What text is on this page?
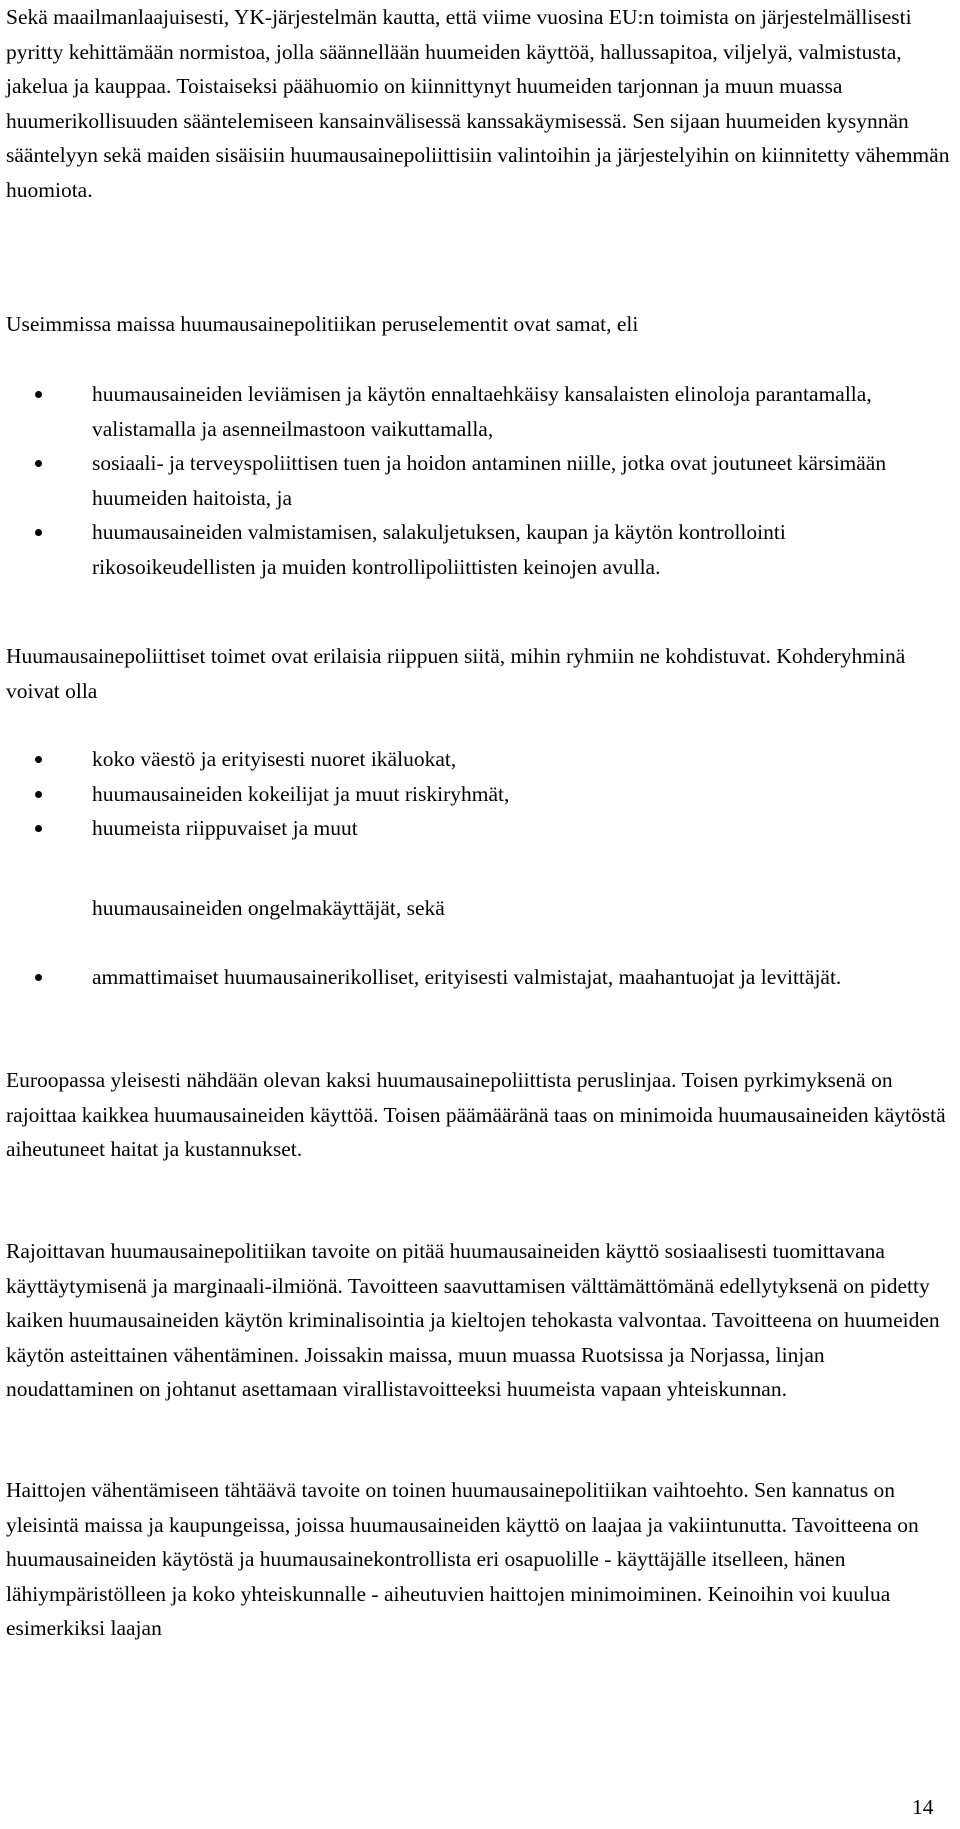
Sekä maailmanlaajuisesti, YK-järjestelmän kautta, että viime vuosina EU:n toimista on järjestelmällisesti pyritty kehittämään normistoa, jolla säännellään huumeiden käyttöä, hallussapitoa, viljelyä, valmistusta, jakelua ja kauppaa. Toistaiseksi päähuomio on kiinnittynyt huumeiden tarjonnan ja muun muassa huumerikollisuuden sääntelemiseen kansainvälisessä kanssakäymisessä. Sen sijaan huumeiden kysynnän sääntelyyn sekä maiden sisäisiin huumausainepoliittisiin valintoihin ja järjestelyihin on kiinnitetty vähemmän huomiota.

Useimmissa maissa huumausainepolitiikan peruselementit ovat samat, eli

huumausaineiden leviämisen ja käytön ennaltaehkäisy kansalaisten elinoloja parantamalla, valistamalla ja asenneilmastoon vaikuttamalla,
sosiaali- ja terveyspoliittisen tuen ja hoidon antaminen niille, jotka ovat joutuneet kärsimään huumeiden haitoista, ja
huumausaineiden valmistamisen, salakuljetuksen, kaupan ja käytön kontrollointi rikosoikeudellisten ja muiden kontrollipoliittisten keinojen avulla.

Huumausainepoliittiset toimet ovat erilaisia riippuen siitä, mihin ryhmiin ne kohdistuvat. Kohderyhminä voivat olla

koko väestö ja erityisesti nuoret ikäluokat,
huumausaineiden kokeilijat ja muut riskiryhmät,
huumeista riippuvaiset ja muut

huumausaineiden ongelmakäyttäjät, sekä

ammattimaiset huumausainerikolliset, erityisesti valmistajat, maahantuojat ja levittäjät.

Euroopassa yleisesti nähdään olevan kaksi huumausainepoliittista peruslinjaa. Toisen pyrkimyksenä on rajoittaa kaikkea huumausaineiden käyttöä. Toisen päämääränä taas on minimoida huumausaineiden käytöstä aiheutuneet haitat ja kustannukset.

Rajoittavan huumausainepolitiikan tavoite on pitää huumausaineiden käyttö sosiaalisesti tuomittavana käyttäytymisenä ja marginaali-ilmiönä. Tavoitteen saavuttamisen välttämättömänä edellytyksenä on pidetty kaiken huumausaineiden käytön kriminalisointia ja kieltojen tehokasta valvontaa. Tavoitteena on huumeiden käytön asteittainen vähentäminen. Joissakin maissa, muun muassa Ruotsissa ja Norjassa, linjan noudattaminen on johtanut asettamaan virallistavoitteeksi huumeista vapaan yhteiskunnan.

Haittojen vähentämiseen tähtäävä tavoite on toinen huumausainepolitiikan vaihtoehto. Sen kannatus on yleisintä maissa ja kaupungeissa, joissa huumausaineiden käyttö on laajaa ja vakiintunutta. Tavoitteena on huumausaineiden käytöstä ja huumausainekontrollista eri osapuolille - käyttäjälle itselleen, hänen lähiympäristölleen ja koko yhteiskunnalle - aiheutuvien haittojen minimoiminen. Keinoihin voi kuulua esimerkiksi laajan

14
